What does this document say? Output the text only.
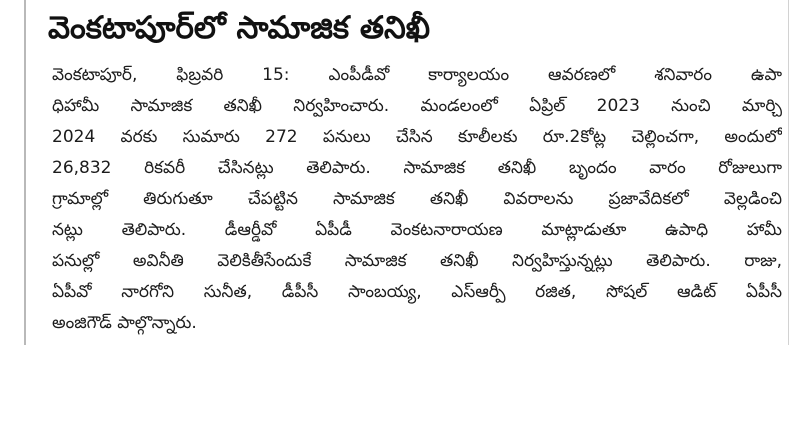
వెంకటాపూర్‌లో సామాజిక తనిఖీ
వెంకటాపూర్, ఫిబ్రవరి 15: ఎంపీడీవో కార్యాలయం ఆవరణలో శనివారం ఉపా
ధిహామీ సామాజిక తనిఖీ నిర్వహించారు. మండలంలో ఏప్రిల్ 2023 నుంచి మార్చి
2024 వరకు సుమారు 272 పనులు చేసిన కూలీలకు రూ.2కోట్ల చెల్లించగా, అందులో
26,832 రికవరీ చేసినట్లు తెలిపారు. సామాజిక తనిఖీ బృందం వారం రోజులుగా
గ్రామాల్లో తిరుగుతూ చేపట్టిన సామాజిక తనిఖీ వివరాలను ప్రజావేదికలో వెల్లడించి
నట్లు తెలిపారు. డీఆర్డీవో ఏపీడీ వెంకటనారాయణ మాట్లాడుతూ ఉపాధి హామీ
పనుల్లో అవినీతి వెలికితీసేందుకే సామాజిక తనిఖీ నిర్వహిస్తున్నట్లు తెలిపారు. రాజు,
ఏపీవో నారగోని సునీత, డీపీసీ సాంబయ్య, ఎస్ఆర్పీ రజిత, సోషల్ ఆడిట్ ఏపీసీ
అంజిగౌడ్ పాల్గొన్నారు.
